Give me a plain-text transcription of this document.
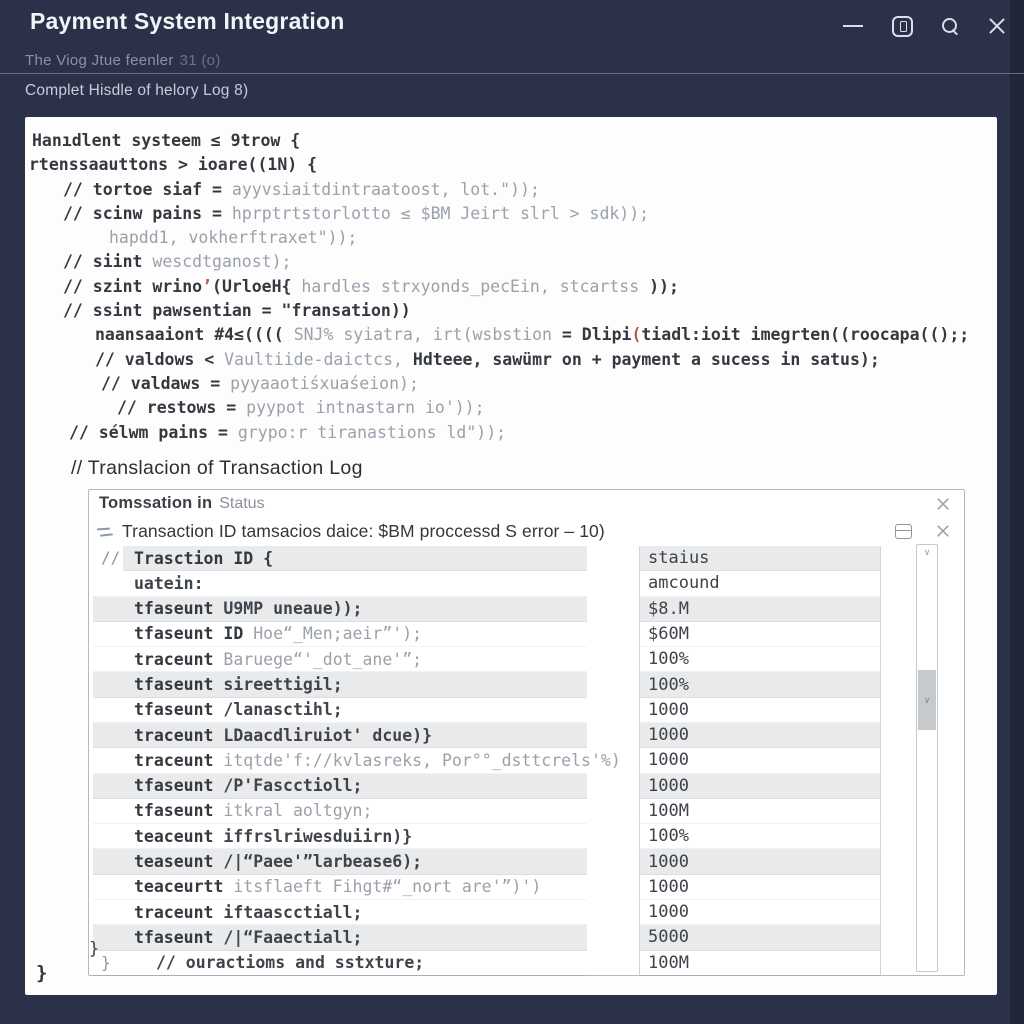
Payment System Integration
The Viog Jtue feenler 31 (o)
Complet Hisdle of helory Log 8)
Hanıdlent systeem ≤ 9trow {
rtenssaauttons > ioare((1N) {
// tortoe siaf = ayyvsiaitdintraatoost, lot."));
// scinw pains = hprptrtstorlotto ≤ $BM Jeirt slrl > sdk));
hapdd1, vokherftraxet"));
// siint wescdtganost);
// szint wrino’(UrloeH{ hardles strxyonds_pecEin, stcartss ));
// ssint pawsentian = "fransation))
naansaaiont #4≤(((( SNJ% syiatra, irt(wsbstion = Dlipi(tiadl:ioit imegrten((roocapa(();;
// valdows < Vaultiide-daictcs, Hdteee, sawümr on + payment a sucess in satus);
// valdaws = pyyaaotiśxuaśeion);
// restows = pyypot intnastarn io'));
// sélwm pains = grypo:r tiranastions ld"));
// Translacion of Transaction Log
Tomssation in Status
Transaction ID tamsacios daice: $BM proccessd S error – 10)
// Trasction ID {	staius
uatein:	amcound
tfaseunt U9MP uneaue));	$8.M
tfaseunt ID Hoe“_Men;aeir”');	$60M
traceunt Baruege“'_dot_ane'”;	100%
tfaseunt sireettigil;	100%
tfaseunt /lanasctihl;	1000
traceunt LDaacdliruiot' dcue)}	1000
traceunt itqtde'f://kvlasreks, Por°°_dsttcrels'%)	1000
tfaseunt /P'Fascctioll;	1000
tfaseunt itkral aoltgyn;	100M
teaceunt iffrslriwesduiirn)}	100%
teaseunt /|“Paee'”larbease6);	1000
teaceurtt itsflaeft Fihgt#“_nort are'”)')	1000
traceunt iftaascctiall;	1000
tfaseunt /|“Faaectiall;	5000
}	// ouractioms and sstxture;	100M
∨
∨
}
}
